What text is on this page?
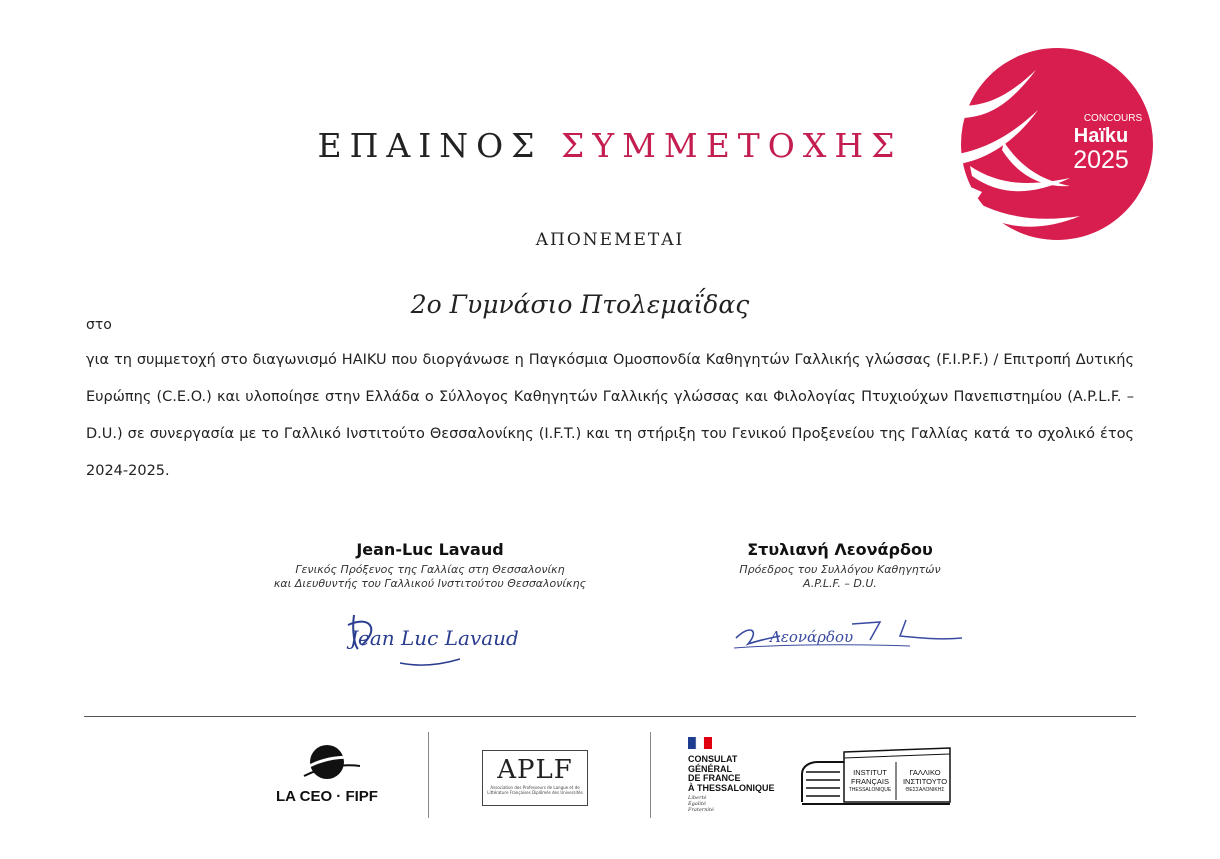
ΕΠΑΙΝΟΣ ΣΥΜΜΕΤΟΧΗΣ
CONCOURS
Haïku
2025
ΑΠΟΝΕΜΕΤΑΙ
2ο Γυμνάσιο Πτολεμαΐδας
στο
για τη συμμετοχή στο διαγωνισμό HAIKU που διοργάνωσε η Παγκόσμια Ομοσπονδία Καθηγητών Γαλλικής γλώσσας (F.I.P.F.) / Επιτροπή Δυτικής Ευρώπης (C.E.O.) και υλοποίησε στην Ελλάδα ο Σύλλογος Καθηγητών Γαλλικής γλώσσας και Φιλολογίας Πτυχιούχων Πανεπιστημίου (A.P.L.F. – D.U.) σε συνεργασία με το Γαλλικό Ινστιτούτο Θεσσαλονίκης (I.F.T.) και τη στήριξη του Γενικού Προξενείου της Γαλλίας κατά το σχολικό έτος 2024-2025.
Jean-Luc Lavaud
Γενικός Πρόξενος της Γαλλίας στη Θεσσαλονίκη
και Διευθυντής του Γαλλικού Ινστιτούτου Θεσσαλονίκης
Jean Luc Lavaud
Στυλιανή Λεονάρδου
Πρόεδρος του Συλλόγου Καθηγητών
A.P.L.F. – D.U.
Λεονάρδου
LA CEO · FIPF
APLF
Association des Professeurs de Langue et de Littérature Françaises Diplômés des Universités
CONSULAT
GÉNÉRAL
DE FRANCE
À THESSALONIQUE
Liberté
Égalité
Fraternité
INSTITUT
FRANÇAIS
THESSALONIQUE
ΓΑΛΛΙΚΟ
ΙΝΣΤΙΤΟΥΤΟ
ΘΕΣΣΑΛΟΝΙΚΗΣ
